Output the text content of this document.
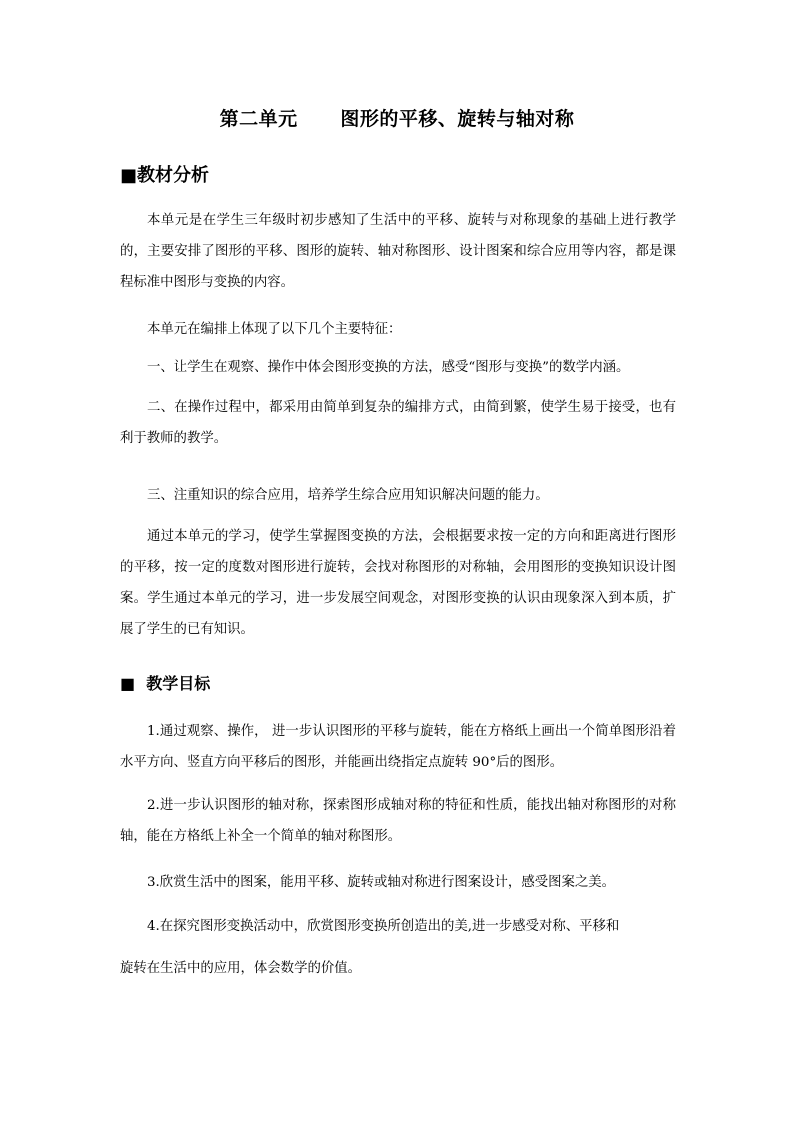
第二单元      图形的平移、旋转与轴对称
■教材分析

本单元是在学生三年级时初步感知了生活中的平移、旋转与对称现象的基础上进行教学的，主要安排了图形的平移、图形的旋转、轴对称图形、设计图案和综合应用等内容，都是课程标准中图形与变换的内容。

本单元在编排上体现了以下几个主要特征：

一、让学生在观察、操作中体会图形变换的方法，感受“图形与变换”的数学内涵。

二、在操作过程中，都采用由简单到复杂的编排方式，由简到繁，使学生易于接受，也有利于教师的教学。

三、注重知识的综合应用，培养学生综合应用知识解决问题的能力。

通过本单元的学习，使学生掌握图变换的方法，会根据要求按一定的方向和距离进行图形的平移，按一定的度数对图形进行旋转，会找对称图形的对称轴，会用图形的变换知识设计图案。学生通过本单元的学习，进一步发展空间观念，对图形变换的认识由现象深入到本质，扩展了学生的已有知识。

■  教学目标

1.通过观察、操作， 进一步认识图形的平移与旋转，能在方格纸上画出一个简单图形沿着水平方向、竖直方向平移后的图形，并能画出绕指定点旋转 90°后的图形。

2.进一步认识图形的轴对称，探索图形成轴对称的特征和性质，能找出轴对称图形的对称轴，能在方格纸上补全一个简单的轴对称图形。

3.欣赏生活中的图案，能用平移、旋转或轴对称进行图案设计，感受图案之美。

4.在探究图形变换活动中，欣赏图形变换所创造出的美,进一步感受对称、平移和

旋转在生活中的应用，体会数学的价值。
